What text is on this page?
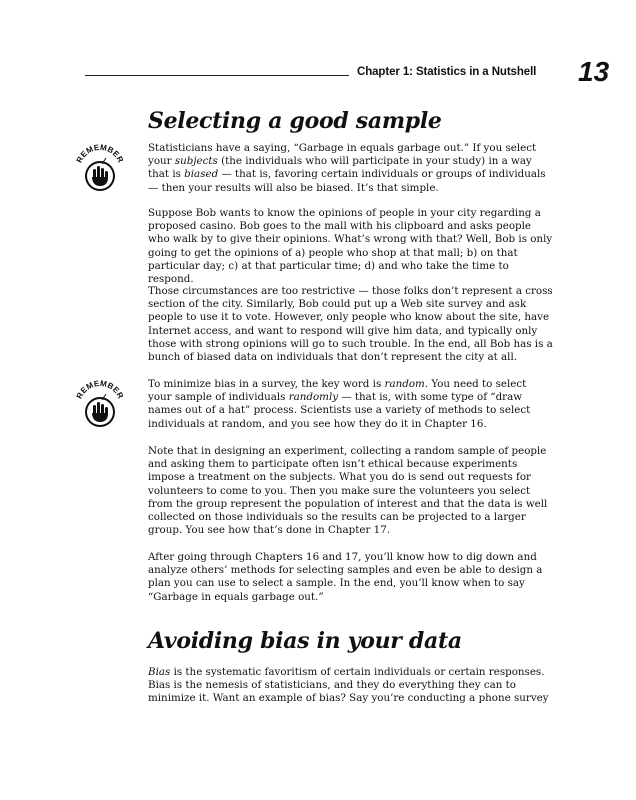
Chapter 1: Statistics in a Nutshell 13
Selecting a good sample
REMEMBER

Statisticians have a saying, “Garbage in equals garbage out.” If you select your subjects (the individuals who will participate in your study) in a way that is biased — that is, favoring certain individuals or groups of individuals — then your results will also be biased. It’s that simple.

Suppose Bob wants to know the opinions of people in your city regarding a proposed casino. Bob goes to the mall with his clipboard and asks people who walk by to give their opinions. What’s wrong with that? Well, Bob is only going to get the opinions of a) people who shop at that mall; b) on that particular day; c) at that particular time; d) and who take the time to respond.

Those circumstances are too restrictive — those folks don’t represent a cross section of the city. Similarly, Bob could put up a Web site survey and ask people to use it to vote. However, only people who know about the site, have Internet access, and want to respond will give him data, and typically only those with strong opinions will go to such trouble. In the end, all Bob has is a bunch of biased data on individuals that don’t represent the city at all.

REMEMBER

To minimize bias in a survey, the key word is random. You need to select your sample of individuals randomly — that is, with some type of “draw names out of a hat” process. Scientists use a variety of methods to select individuals at random, and you see how they do it in Chapter 16.

Note that in designing an experiment, collecting a random sample of people and asking them to participate often isn’t ethical because experiments impose a treatment on the subjects. What you do is send out requests for volunteers to come to you. Then you make sure the volunteers you select from the group represent the population of interest and that the data is well collected on those individuals so the results can be projected to a larger group. You see how that’s done in Chapter 17.

After going through Chapters 16 and 17, you’ll know how to dig down and analyze others’ methods for selecting samples and even be able to design a plan you can use to select a sample. In the end, you’ll know when to say “Garbage in equals garbage out.”

Avoiding bias in your data

Bias is the systematic favoritism of certain individuals or certain responses. Bias is the nemesis of statisticians, and they do everything they can to minimize it. Want an example of bias? Say you’re conducting a phone survey
